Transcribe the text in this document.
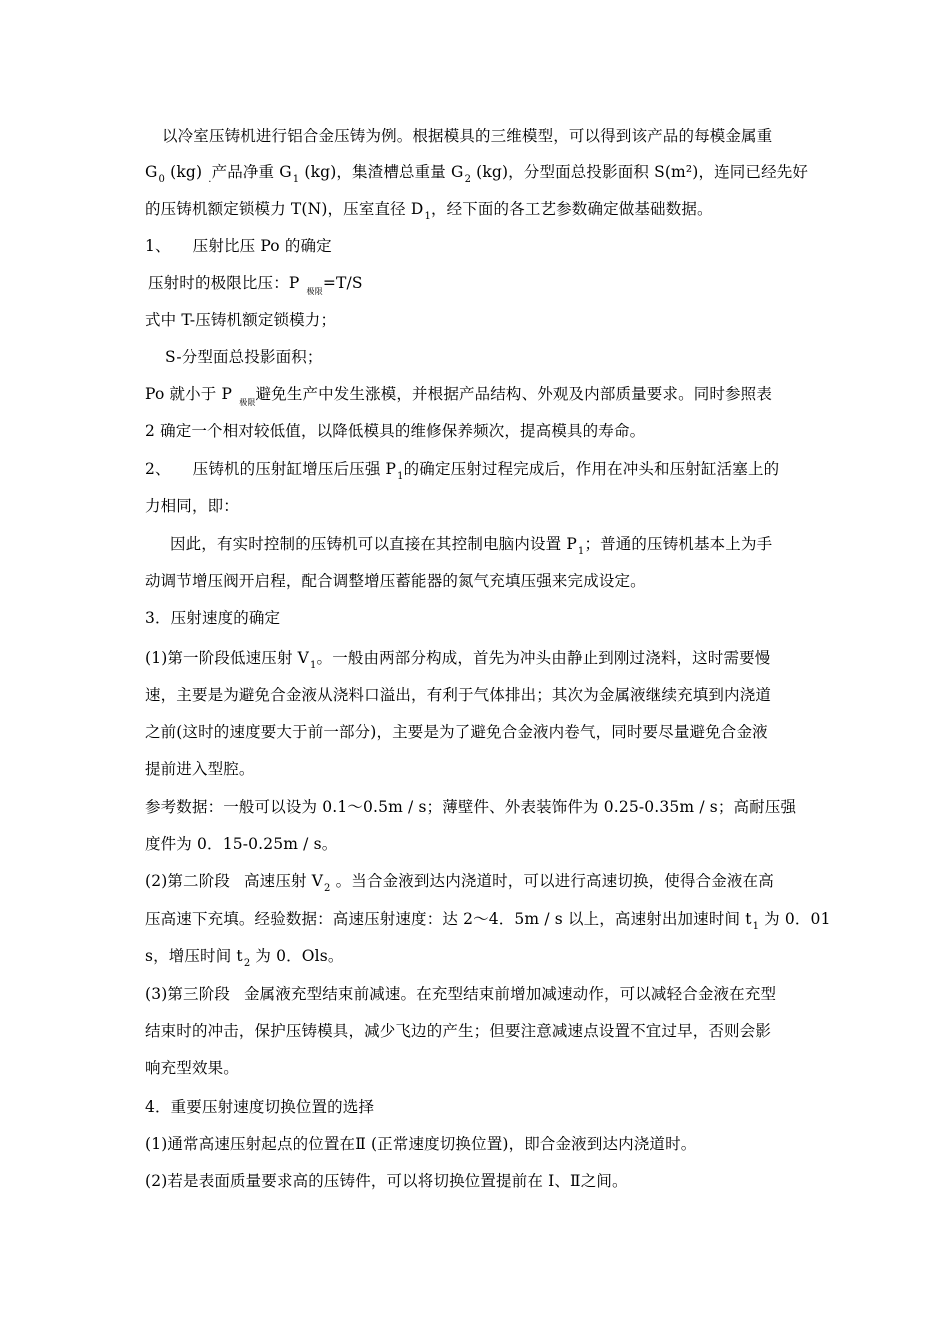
以冷室压铸机进行铝合金压铸为例。根据模具的三维模型，可以得到该产品的每模金属重
$G_0$ (kg) $_.$产品净重 $G_1$ (kg)，集渣槽总重量 $G_2$ (kg)，分型面总投影面积 S(m²)，连同已经先好
的压铸机额定锁模力 T(N)，压室直径 $D_1$，经下面的各工艺参数确定做基础数据。
1、 压射比压 Po 的确定
压射时的极限比压：P $_{极限}$=T/S
式中 T-压铸机额定锁模力；
S-分型面总投影面积；
Po 就小于 P $_{极限}$避免生产中发生涨模，并根据产品结构、外观及内部质量要求。同时参照表
2 确定一个相对较低值，以降低模具的维修保养频次，提高模具的寿命。
2、 压铸机的压射缸增压后压强 $P_1$的确定压射过程完成后，作用在冲头和压射缸活塞上的
力相同，即：
因此，有实时控制的压铸机可以直接在其控制电脑内设置 $P_1$；普通的压铸机基本上为手
动调节增压阀开启程，配合调整增压蓄能器的氮气充填压强来完成设定。
3．压射速度的确定
(1)第一阶段低速压射 $V_1$。一般由两部分构成，首先为冲头由静止到刚过浇料，这时需要慢
速，主要是为避免合金液从浇料口溢出，有利于气体排出；其次为金属液继续充填到内浇道
之前(这时的速度要大于前一部分)，主要是为了避免合金液内卷气，同时要尽量避免合金液
提前进入型腔。
参考数据：一般可以设为 0.1～0.5m / s；薄壁件、外表装饰件为 0.25-0.35m / s；高耐压强
度件为 0．15-0.25m / s。
(2)第二阶段 高速压射 $V_2$ 。当合金液到达内浇道时，可以进行高速切换，使得合金液在高
压高速下充填。经验数据：高速压射速度：达 2～4．5m / s 以上，高速射出加速时间 $t_1$ 为 0．01
s，增压时间 $t_2$ 为 0．Ols。
(3)第三阶段 金属液充型结束前减速。在充型结束前增加减速动作，可以减轻合金液在充型
结束时的冲击，保护压铸模具，减少飞边的产生；但要注意减速点设置不宜过早，否则会影
响充型效果。
4．重要压射速度切换位置的选择
(1)通常高速压射起点的位置在Ⅱ (正常速度切换位置)，即合金液到达内浇道时。
(2)若是表面质量要求高的压铸件，可以将切换位置提前在 I、Ⅱ之间。
